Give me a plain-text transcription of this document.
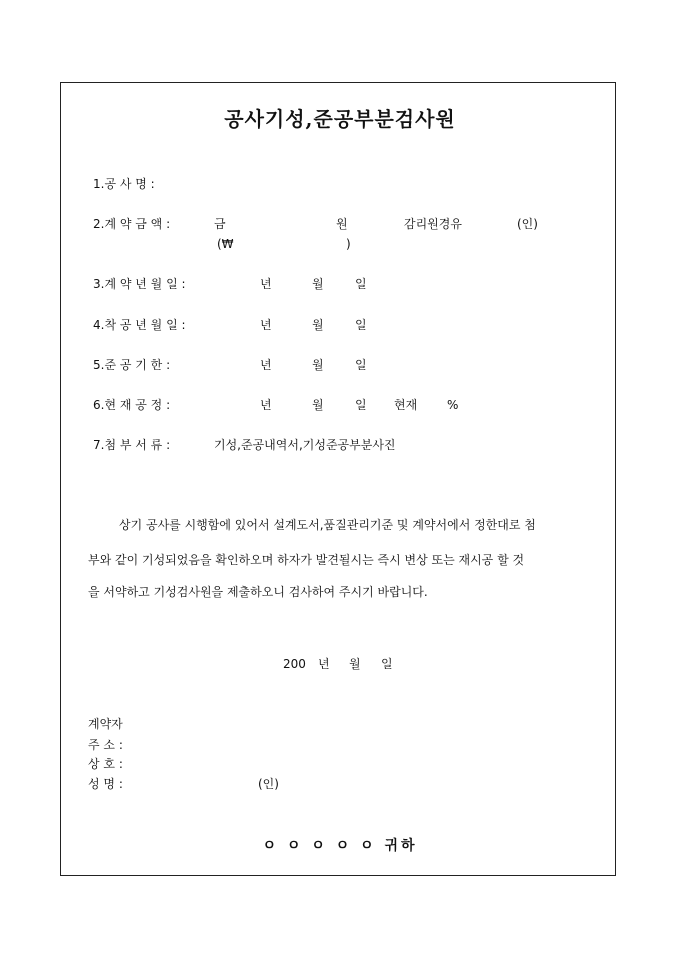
공사기성,준공부분검사원
1.공 사 명 :
2.계 약 금 액 :	금	원	감리원경유	(인)
(₩	)
3.계 약 년 월 일 :	년	월	일
4.착 공 년 월 일 :	년	월	일
5.준 공 기 한 :	년	월	일
6.현 재 공 정 :	년	월	일 현재 %
7.첨 부 서 류 :	기성,준공내역서,기성준공부분사진
상기 공사를 시행함에 있어서 설계도서,품질관리기준 및 계약서에서 정한대로 첨
부와 같이 기성되었음을 확인하오며 하자가 발견될시는 즉시 변상 또는 재시공 할 것
을 서약하고 기성검사원을 제출하오니 검사하여 주시기 바랍니다.
200 년 월 일
계약자
주 소 :
상 호 :
성 명 :	(인)
ㅇ ㅇ ㅇ ㅇ ㅇ 귀하
